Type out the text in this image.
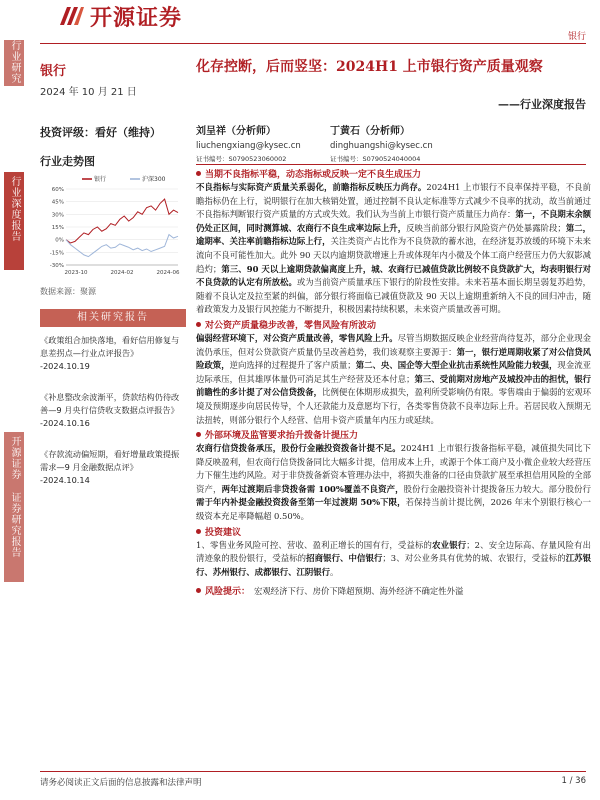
行业研究
行业深度报告
开源证券 证券研究报告
开源证券
银行
银行
2024 年 10 月 21 日
投资评级：看好（维持）
行业走势图
60%
45%
30%
15%
0%
-15%
-30%
2023-10	2024-02	2024-06
银行	沪深300
数据来源：聚源
相关研究报告
《政策组合加快落地，看好信用修复与息差拐点—行业点评报告》
-2024.10.19
《补息整改余波渐平，贷款结构仍待改善—9 月央行信贷收支数据点评报告》
-2024.10.16
《存款流动偏短期，看好增量政策提振需求—9 月金融数据点评》
-2024.10.14
化存控断，后而竖坚：2024H1 上市银行资产质量观察
——行业深度报告
刘呈祥（分析师）
liuchengxiang@kysec.cn
证书编号：S0790523060002
丁黄石（分析师）
dinghuangshi@kysec.cn
证书编号：S0790524040004
当期不良指标平稳，动态指标或反映一定不良生成压力

不良指标与实际资产质量关系弱化，前瞻指标反映压力尚存。2024H1 上市银行不良率保持平稳，不良前瞻指标仍在上行，说明银行在加大核销处置，通过控制不良认定标准等方式减少不良率的扰动，故当前通过不良指标判断银行资产质量的方式或失效。我们认为当前上市银行资产质量压力尚存：第一，不良期末余额仍处正区间，同时测算城、农商行不良生成率边际上升，反映当前部分银行风险资产仍处暴露阶段；第二，逾期率、关注率前瞻指标边际上行，关注类资产占比作为不良贷款的蓄水池，在经济复苏放缓的环境下未来流向不良可能性加大。此外 90 天以内逾期贷款增速上升或体现年内小微及个体工商户经营压力仍大叙影减趋灼；第三、90 天以上逾期贷款偏离度上升，城、农商行已减值贷款比例较不良贷款扩大，均表明银行对不良贷款的认定有所放松。或为当前资产质量承压下银行的阶段性安排。未来若基本面长期呈弱复苏趋势，随着不良认定及拉至紧的纠偏，部分银行将面临已减值贷款及 90 天以上逾期重新纳入不良的回归冲击，随着政策发力及银行风控能力不断提升，积极因素持续积累，未来资产质量改善可期。

对公资产质量稳步改善，零售风险有所波动

偏弱经营环境下，对公资产质量改善，零售风险上升。尽管当期数据反映企业经营尚待复苏，部分企业现金流仍承压，但对公贷款资产质量仍呈改善趋势，我们该观察主要源于：第一，银行逆周期收紧了对公信贷风险政策，逆向选择的过程提升了客户质量；第二、央、国企等大型企业抗击系统性风险能力较强，现金流亚边际承压，但其雄厚体量仍可消足其生产经营及还本付息；第三、受前期对房地产及城投冲击的担忧，银行前瞻性的多计提了对公信贷拨备，比例便在体期形成损失，盈利所受影响仍有限。零售端由于偏弱的宏观环境及预期逐步向居民传导，个人还款能力及意愿均下行，各类零售贷款不良率边际上升。若居民收入预期无法扭转，则部分银行个人经营、信用卡资产质量年内压力或延续。

外部环境及监管要求抬升拨备计提压力

农商行信贷拨备承压，股份行金融投资拨备计提不足。2024H1 上市银行拨备指标平稳，减值损失同比下降反映盈利，但农商行信贷拨备同比大幅多计提，信用成本上升，或源于个体工商户及小微企业较大经营压力下催生违约风险。对于非贷拨备新资本管理办法中，将损失准备的口径由贷款扩展至承担信用风险的全部资产，两年过渡期后非贷拨备需 100%覆盖不良资产，股份行金融投资补计提拨备压力较大。部分股份行需于年内补提金融投资拨备至第一年过渡期 50%下限，若保持当前计提比例，2026 年末个别银行核心一级资本充足率降幅超 0.50%。

投资建议

1、零售业务风险可控、营收、盈利正增长的国有行，受益标的农业银行；2、安全边际高、存量风险有出清迹象的股份银行，受益标的招商银行、中信银行；3、对公业务具有优势的城、农银行，受益标的江苏银行、苏州银行、成都银行、江阴银行。

风险提示： 宏观经济下行、房价下降超预期、海外经济不确定性外溢
请务必阅读正文后面的信息披露和法律声明	1 / 36
